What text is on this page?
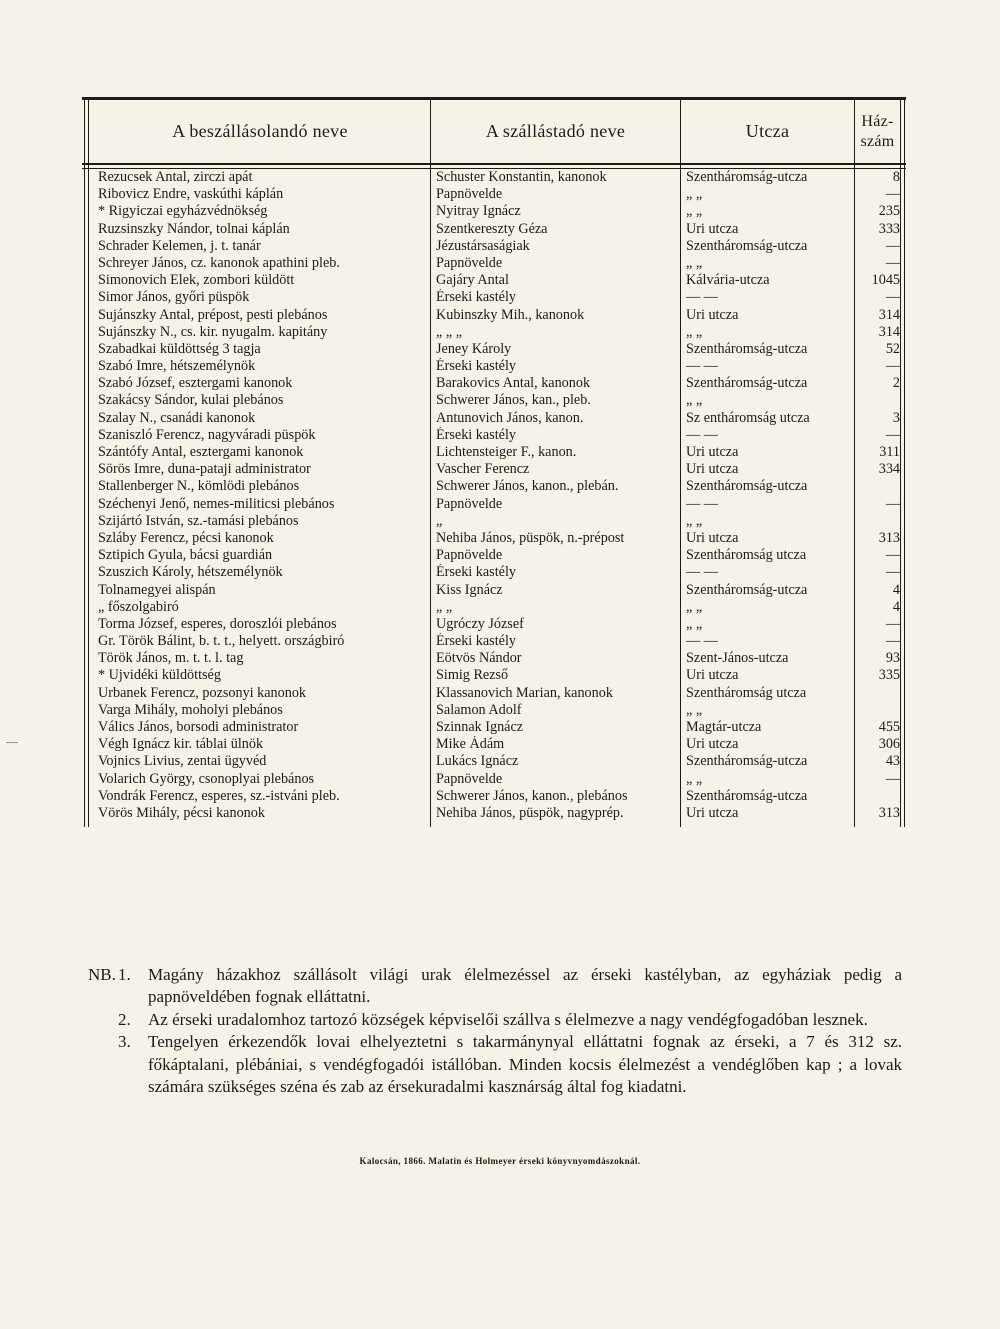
A beszállásolandó neve	A szállástadó neve	Utcza	Ház-
szám
Rezucsek Antal, zirczi apát	Schuster Konstantin, kanonok	Szentháromság-utcza	8
Ribovicz Endre, vaskúthi káplán	Papnövelde	„ „	—
* Rigyiczai egyházvédnökség	Nyitray Ignácz	„ „	235
Ruzsinszky Nándor, tolnai káplán	Szentkereszty Géza	Uri utcza	333
Schrader Kelemen, j. t. tanár	Jézustársaságiak	Szentháromság-utcza	—
Schreyer János, cz. kanonok apathini pleb.	Papnövelde	„ „	—
Simonovich Elek, zombori küldött	Gajáry Antal	Kálvária-utcza	1045
Simor János, győri püspök	Érseki kastély	— —	—
Sujánszky Antal, prépost, pesti plebános	Kubinszky Mih., kanonok	Uri utcza	314
Sujánszky N., cs. kir. nyugalm. kapitány	„ „ „	„ „	314
Szabadkai küldöttség 3 tagja	Jeney Károly	Szentháromság-utcza	52
Szabó Imre, hétszemélynök	Érseki kastély	— —	—
Szabó József, esztergami kanonok	Barakovics Antal, kanonok	Szentháromság-utcza	2
Szakácsy Sándor, kulai plebános	Schwerer János, kan., pleb.	„ „
Szalay N., csanádi kanonok	Antunovich János, kanon.	Sz entháromság utcza	3
Szaniszló Ferencz, nagyváradi püspök	Érseki kastély	— —	—
Szántófy Antal, esztergami kanonok	Lichtensteiger F., kanon.	Uri utcza	311
Sörös Imre, duna-pataji administrator	Vascher Ferencz	Uri utcza	334
Stallenberger N., kömlödi plebános	Schwerer János, kanon., plebán.	Szentháromság-utcza
Széchenyi Jenő, nemes-militicsi plebános	Papnövelde	— —	—
Szijártó István, sz.-tamási plebános	„	„ „
Szláby Ferencz, pécsi kanonok	Nehiba János, püspök, n.-prépost	Uri utcza	313
Sztipich Gyula, bácsi guardián	Papnövelde	Szentháromság utcza	—
Szuszich Károly, hétszemélynök	Érseki kastély	— —	—
Tolnamegyei alispán	Kiss Ignácz	Szentháromság-utcza	4
„ főszolgabiró	„ „	„ „	4
Torma József, esperes, doroszlói plebános	Ugróczy József	„ „	—
Gr. Török Bálint, b. t. t., helyett. országbiró	Érseki kastély	— —	—
Török János, m. t. t. l. tag	Eötvös Nándor	Szent-János-utcza	93
* Ujvidéki küldöttség	Simig Rezső	Uri utcza	335
Urbanek Ferencz, pozsonyi kanonok	Klassanovich Marian, kanonok	Szentháromság utcza
Varga Mihály, moholyi plebános	Salamon Adolf	„ „
Válics János, borsodi administrator	Szinnak Ignácz	Magtár-utcza	455
Végh Ignácz kir. táblai ülnök	Mike Ádám	Uri utcza	306
Vojnics Livius, zentai ügyvéd	Lukács Ignácz	Szentháromság-utcza	43
Volarich György, csonoplyai plebános	Papnövelde	„ „	—
Vondrák Ferencz, esperes, sz.-istváni pleb.	Schwerer János, kanon., plebános	Szentháromság-utcza
Vörös Mihály, pécsi kanonok	Nehiba János, püspök, nagyprép.	Uri utcza	313
—
NB. 1. Magány házakhoz szállásolt világi urak élelmezéssel az érseki kastélyban, az egyháziak pedig a papnöveldében fognak elláttatni.
2. Az érseki uradalomhoz tartozó községek képviselői szállva s élelmezve a nagy vendégfogadóban lesznek.
3. Tengelyen érkezendők lovai elhelyeztetni s takarmánynyal elláttatni fognak az érseki, a 7 és 312 sz. főkáptalani, plébániai, s vendégfogadói istállóban. Minden kocsis élelmezést a vendéglőben kap ; a lovak számára szükséges széna és zab az érsekuradalmi kasznárság által fog kiadatni.
Kalocsán, 1866. Malatin és Holmeyer érseki könyvnyomdászoknál.
